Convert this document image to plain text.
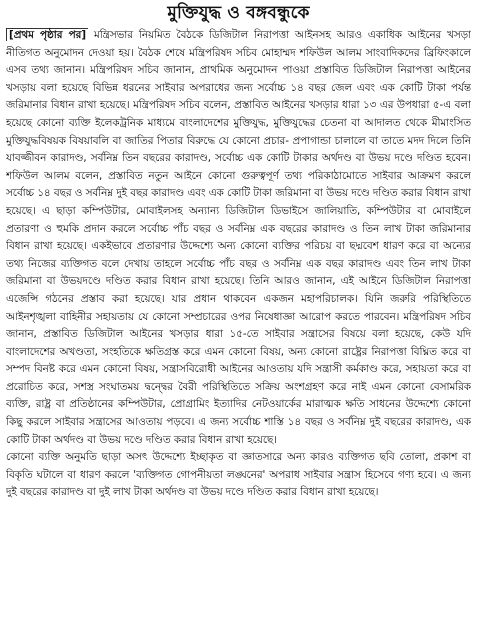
মুক্তিযুদ্ধ ও বঙ্গবন্ধুকে

[প্রথম পৃষ্ঠার পর] মন্ত্রিসভার নিয়মিত বৈঠকে ডিজিটাল নিরাপত্তা আইনসহ আরও একাধিক আইনের খসড়া নীতিগত অনুমোদন দেওয়া হয়। বৈঠক শেষে মন্ত্রিপরিষদ সচিব মোহাম্মদ শফিউল আলম সাংবাদিকদের ব্রিফিংকালে এসব তথ্য জানান। মন্ত্রিপরিষদ সচিব জানান, প্রাথমিক অনুমোদন পাওয়া প্রস্তাবিত ডিজিটাল নিরাপত্তা আইনের খসড়ায় বলা হয়েছে বিভিন্ন ধরনের সাইবার অপরাধের জন্য সর্বোচ্চ ১৪ বছর জেল এবং এক কোটি টাকা পর্যন্ত জরিমানার বিধান রাখা হয়েছে। মন্ত্রিপরিষদ সচিব বলেন, প্রস্তাবিত আইনের খসড়ার ধারা ১৩ এর উপধারা ৫-এ বলা হয়েছে কোনো ব্যক্তি ইলেকট্রনিক মাধ্যমে বাংলাদেশের মুক্তিযুদ্ধ, মুক্তিযুদ্ধের চেতনা বা আদালত থেকে মীমাংসিত মুক্তিযুদ্ধবিষয়ক বিষয়াবলি বা জাতির পিতার বিরুদ্ধে যে কোনো প্রচার- প্রপাগান্ডা চালালে বা তাতে মদদ দিলে তিনি যাবজ্জীবন কারাদণ্ড, সর্বনিম্ন তিন বছরের কারাদণ্ড, সর্বোচ্চ এক কোটি টাকার অর্থদণ্ড বা উভয় দণ্ডে দণ্ডিত হবেন। শফিউল আলম বলেন, প্রস্তাবিত নতুন আইনে কোনো গুরুত্বপূর্ণ তথ্য পরিকাঠামোতে সাইবার আক্রমণ করলে সর্বোচ্চ ১৪ বছর ও সর্বনিম্ন দুই বছর কারাদণ্ড এবং এক কোটি টাকা জরিমানা বা উভয় দণ্ডে দণ্ডিত করার বিধান রাখা হয়েছে। এ ছাড়া কম্পিউটার, মোবাইলসহ অন্যান্য ডিজিটাল ডিভাইসে জালিয়াতি, কম্পিউটার বা মোবাইলে প্রতারণা ও হুমকি প্রদান করলে সর্বোচ্চ পাঁচ বছর ও সর্বনিম্ন এক বছরের কারাদণ্ড ও তিন লাখ টাকা জরিমানার বিধান রাখা হয়েছে। একইভাবে প্রতারণার উদ্দেশ্যে অন্য কোনো ব্যক্তির পরিচয় বা ছদ্মবেশ ধারণ করে বা অন্যের তথ্য নিজের ব্যক্তিগত বলে দেখায় তাহলে সর্বোচ্চ পাঁচ বছর ও সর্বনিম্ন এক বছর কারাদণ্ড এবং তিন লাখ টাকা জরিমানা বা উভয়দণ্ডে দণ্ডিত করার বিধান রাখা হয়েছে। তিনি আরও জানান, এই আইনে ডিজিটাল নিরাপত্তা এজেন্সি গঠনের প্রস্তাব করা হয়েছে। যার প্রধান থাকবেন একজন মহাপরিচালক। যিনি জরুরি পরিস্থিতিতে আইনশৃঙ্খলা বাহিনীর সহায়তায় যে কোনো সম্প্রচারের ওপর নিষেধাজ্ঞা আরোপ করতে পারবেন। মন্ত্রিপরিষদ সচিব জানান, প্রস্তাবিত ডিজিটাল আইনের খসড়ার ধারা ১৫-তে সাইবার সন্ত্রাসের বিষয়ে বলা হয়েছে, কেউ যদি বাংলাদেশের অখণ্ডতা, সংহতিকে ক্ষতিগ্রস্ত করে এমন কোনো বিষয়, অন্য কোনো রাষ্ট্রের নিরাপত্তা বিঘ্নিত করে বা সম্পদ বিনষ্ট করে এমন কোনো বিষয়, সন্ত্রাসবিরোধী আইনের আওতায় যদি সন্ত্রাসী কর্মকাণ্ড করে, সহায়তা করে বা প্ররোচিত করে, সশস্ত্র সংঘাতময় দ্বন্দ্বের বৈরী পরিস্থিতিতে সক্রিয় অংশগ্রহণ করে নাই এমন কোনো বেসামরিক ব্যক্তি, রাষ্ট্র বা প্রতিষ্ঠানের কম্পিউটার, প্রোগ্রামিং ইত্যাদির নেটওয়ার্কের মারাত্মক ক্ষতি সাধনের উদ্দেশ্যে কোনো কিছু করলে সাইবার সন্ত্রাসের আওতায় পড়বে। এ জন্য সর্বোচ্চ শাস্তি ১৪ বছর ও সর্বনিম্ন দুই বছরের কারাদণ্ড, এক কোটি টাকা অর্থদণ্ড বা উভয় দণ্ডে দণ্ডিত করার বিধান রাখা হয়েছে।

কোনো ব্যক্তি অনুমতি ছাড়া অসৎ উদ্দেশ্যে ইচ্ছাকৃত বা জ্ঞাতসারে অন্য কারও ব্যক্তিগত ছবি তোলা, প্রকাশ বা বিকৃতি ঘটালে বা ধারণ করলে 'ব্যক্তিগত গোপনীয়তা লঙ্ঘনের' অপরাধ সাইবার সন্ত্রাস হিসেবে গণ্য হবে। এ জন্য দুই বছরের কারাদণ্ড বা দুই লাখ টাকা অর্থদণ্ড বা উভয় দণ্ডে দণ্ডিত করার বিধান রাখা হয়েছে।
